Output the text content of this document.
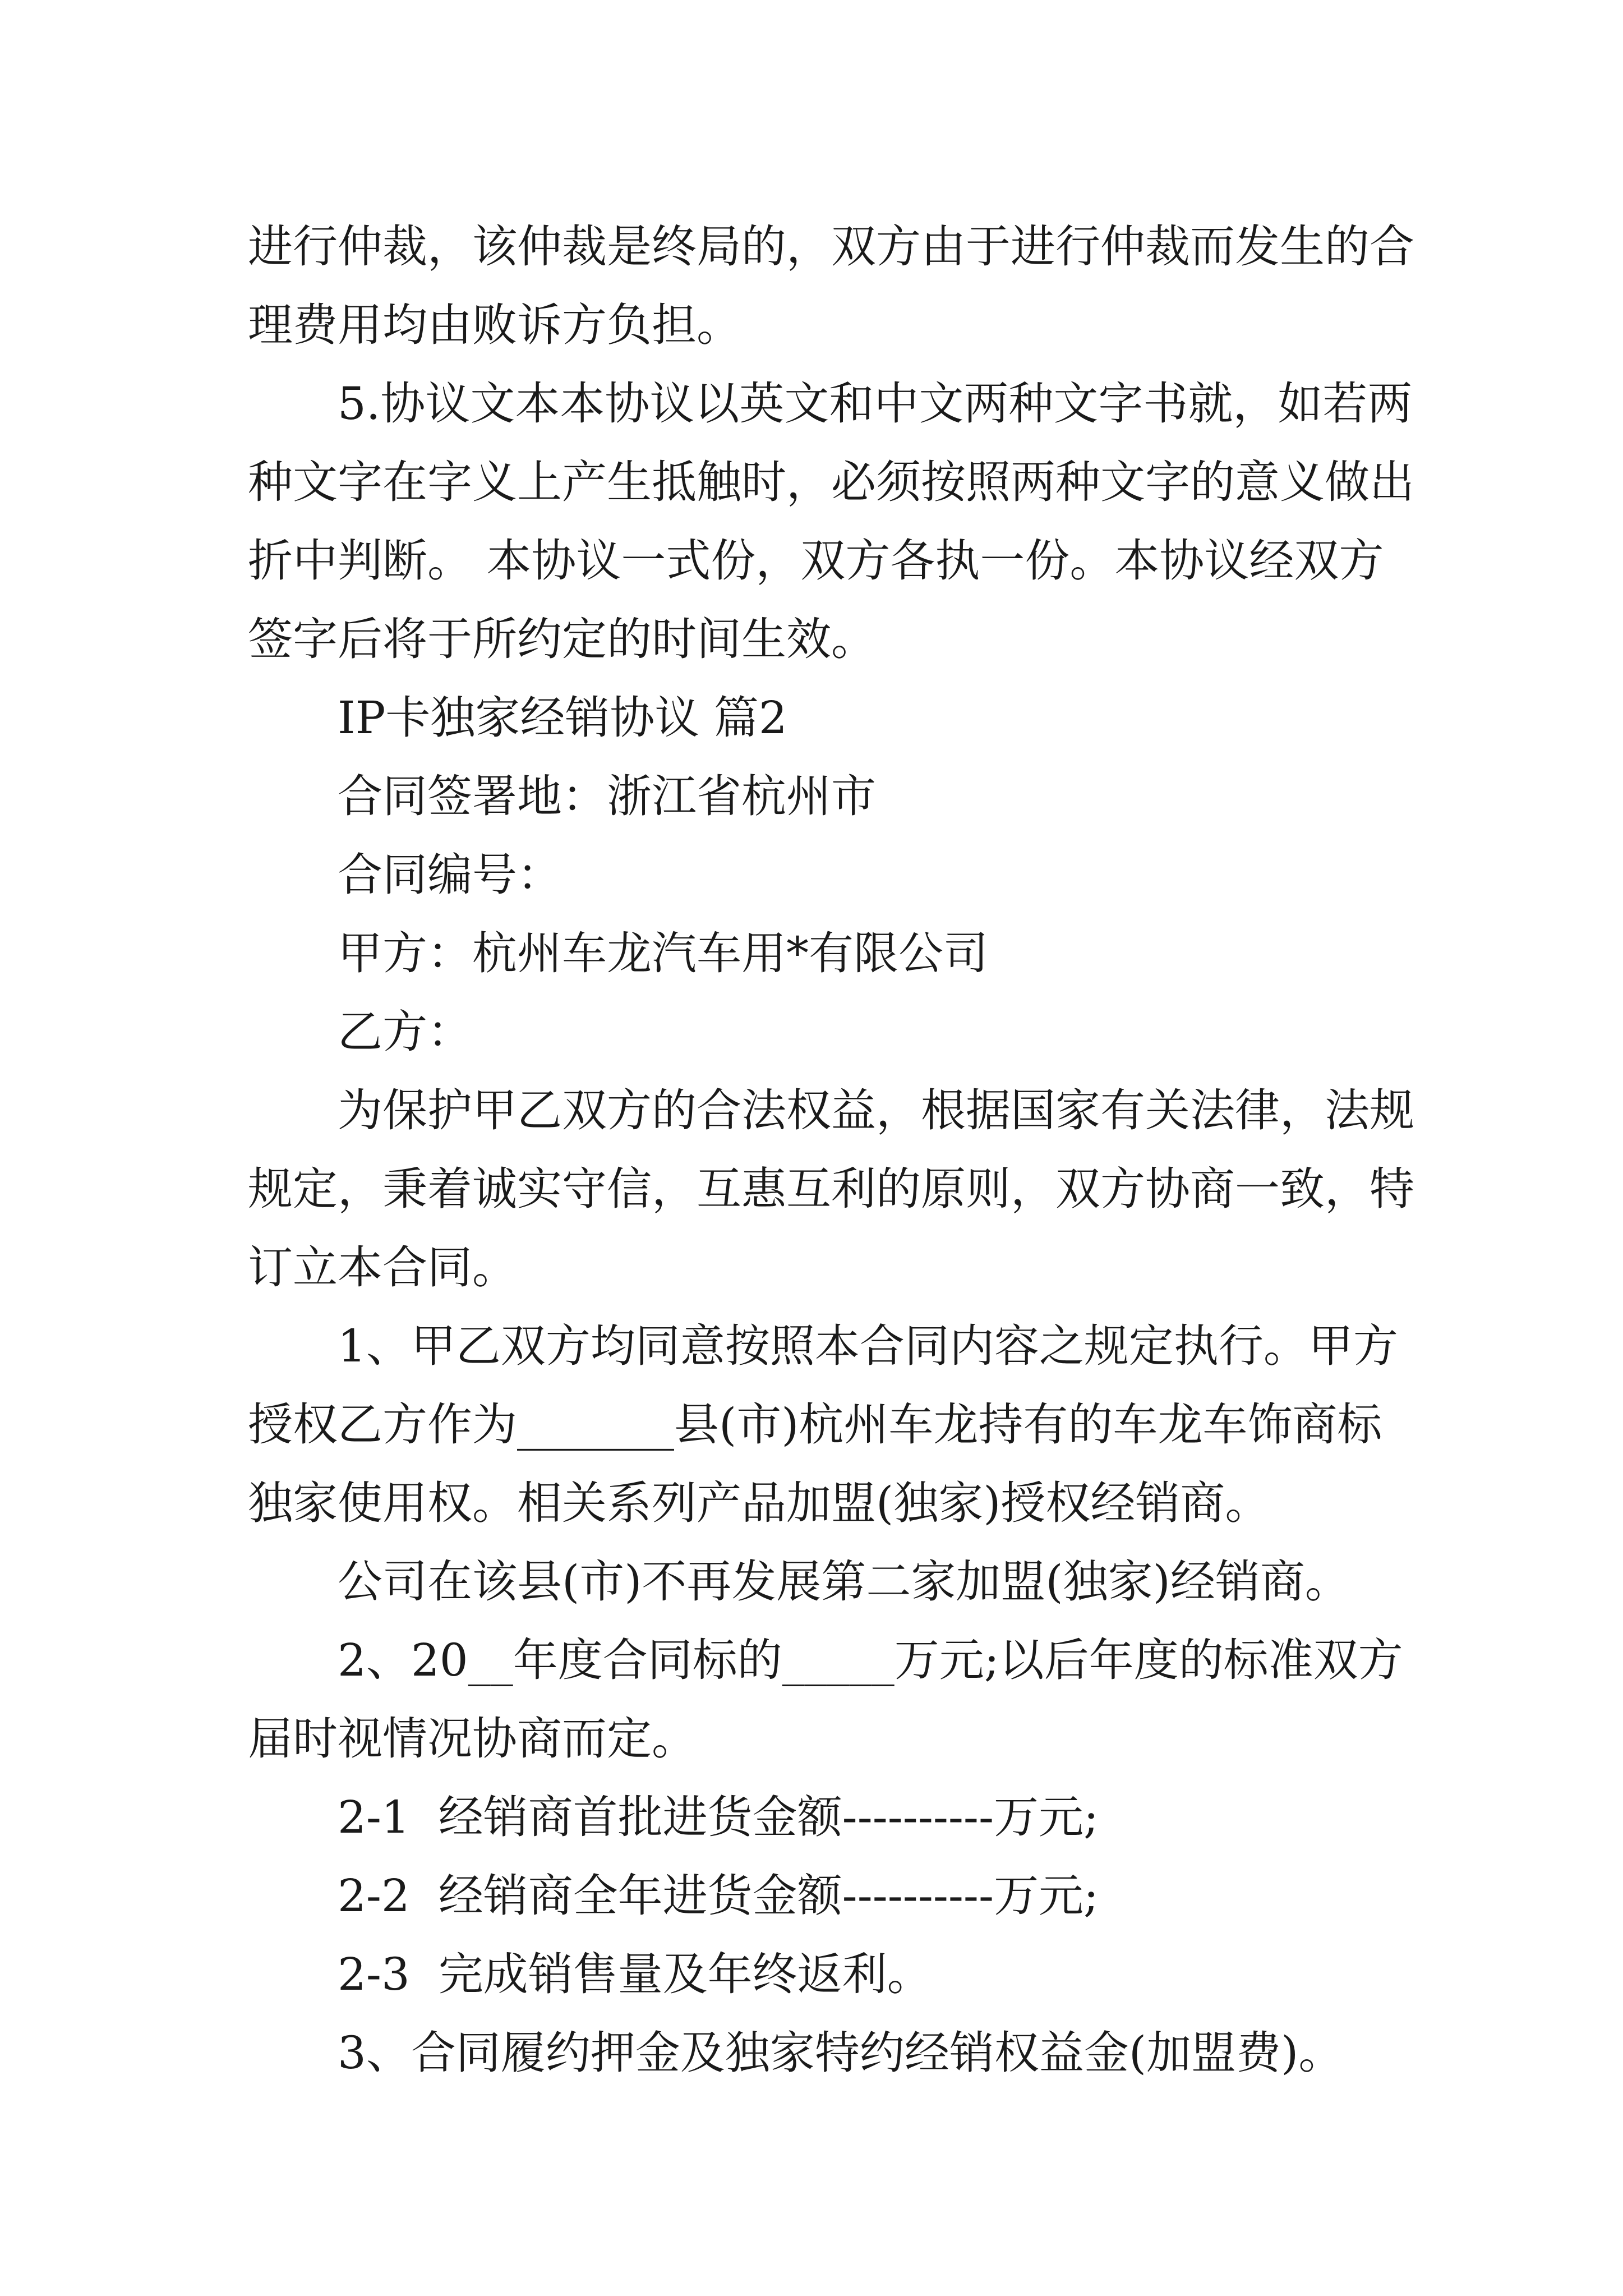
进行仲裁，该仲裁是终局的，双方由于进行仲裁而发生的合
理费用均由败诉方负担。

5.协议文本本协议以英文和中文两种文字书就，如若两
种文字在字义上产生抵触时，必须按照两种文字的意义做出
折中判断。 本协议一式份，双方各执一份。本协议经双方
签字后将于所约定的时间生效。

IP卡独家经销协议 篇2

合同签署地：浙江省杭州市

合同编号：

甲方：杭州车龙汽车用*有限公司

乙方：

为保护甲乙双方的合法权益，根据国家有关法律，法规
规定，秉着诚实守信，互惠互利的原则，双方协商一致，特
订立本合同。

1、甲乙双方均同意按照本合同内容之规定执行。甲方
授权乙方作为_______县(市)杭州车龙持有的车龙车饰商标
独家使用权。相关系列产品加盟(独家)授权经销商。

公司在该县(市)不再发展第二家加盟(独家)经销商。

2、20__年度合同标的_____万元;以后年度的标准双方
届时视情况协商而定。

2-1  经销商首批进货金额----------万元;

2-2  经销商全年进货金额----------万元;

2-3  完成销售量及年终返利。

3、合同履约押金及独家特约经销权益金(加盟费)。
